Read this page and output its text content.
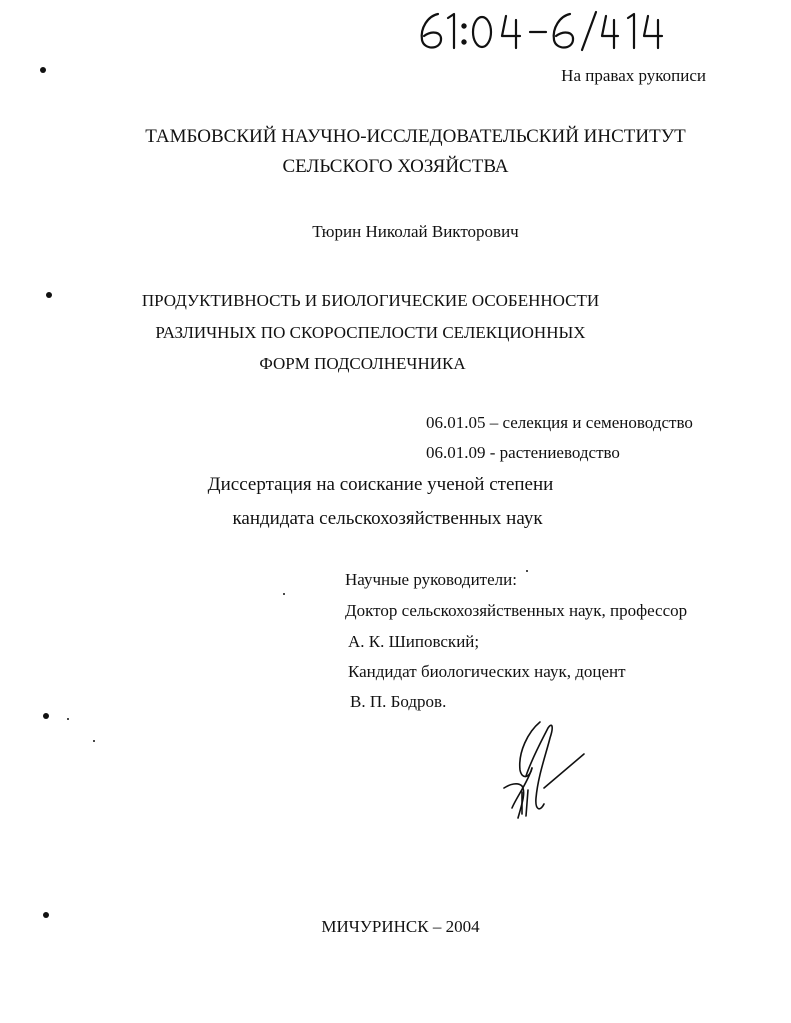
На правах рукописи
ТАМБОВСКИЙ НАУЧНО-ИССЛЕДОВАТЕЛЬСКИЙ ИНСТИТУТ
СЕЛЬСКОГО ХОЗЯЙСТВА
Тюрин Николай Викторович
ПРОДУКТИВНОСТЬ И БИОЛОГИЧЕСКИЕ ОСОБЕННОСТИ
РАЗЛИЧНЫХ ПО СКОРОСПЕЛОСТИ СЕЛЕКЦИОННЫХ
ФОРМ ПОДСОЛНЕЧНИКА
06.01.05 – селекция и семеноводство
06.01.09 - растениеводство
Диссертация на соискание ученой степени
кандидата сельскохозяйственных наук
Научные руководители:
Доктор сельскохозяйственных наук, профессор
А. К. Шиповский;
Кандидат биологических наук, доцент
В. П. Бодров.
МИЧУРИНСК – 2004
